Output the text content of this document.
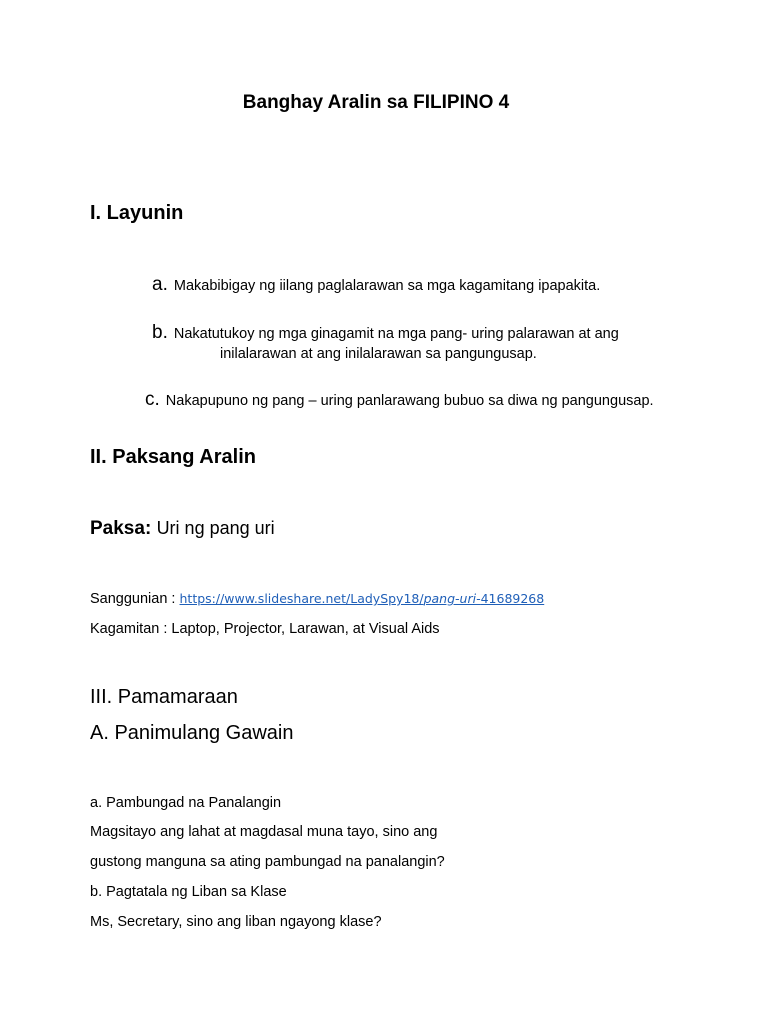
Banghay Aralin sa FILIPINO 4
I. Layunin
a. Makabibigay ng iilang paglalarawan sa mga kagamitang ipapakita.
b. Nakatutukoy ng mga ginagamit na mga pang- uring palarawan at ang
inilalarawan at ang inilalarawan sa pangungusap.
c. Nakapupuno ng pang – uring panlarawang bubuo sa diwa ng pangungusap.
II. Paksang Aralin
Paksa: Uri ng pang uri
Sanggunian : https://www.slideshare.net/LadySpy18/pang-uri-41689268
Kagamitan : Laptop, Projector, Larawan, at Visual Aids
III. Pamamaraan
A. Panimulang Gawain
a. Pambungad na Panalangin
Magsitayo ang lahat at magdasal muna tayo, sino ang
gustong manguna sa ating pambungad na panalangin?
b. Pagtatala ng Liban sa Klase
Ms, Secretary, sino ang liban ngayong klase?
